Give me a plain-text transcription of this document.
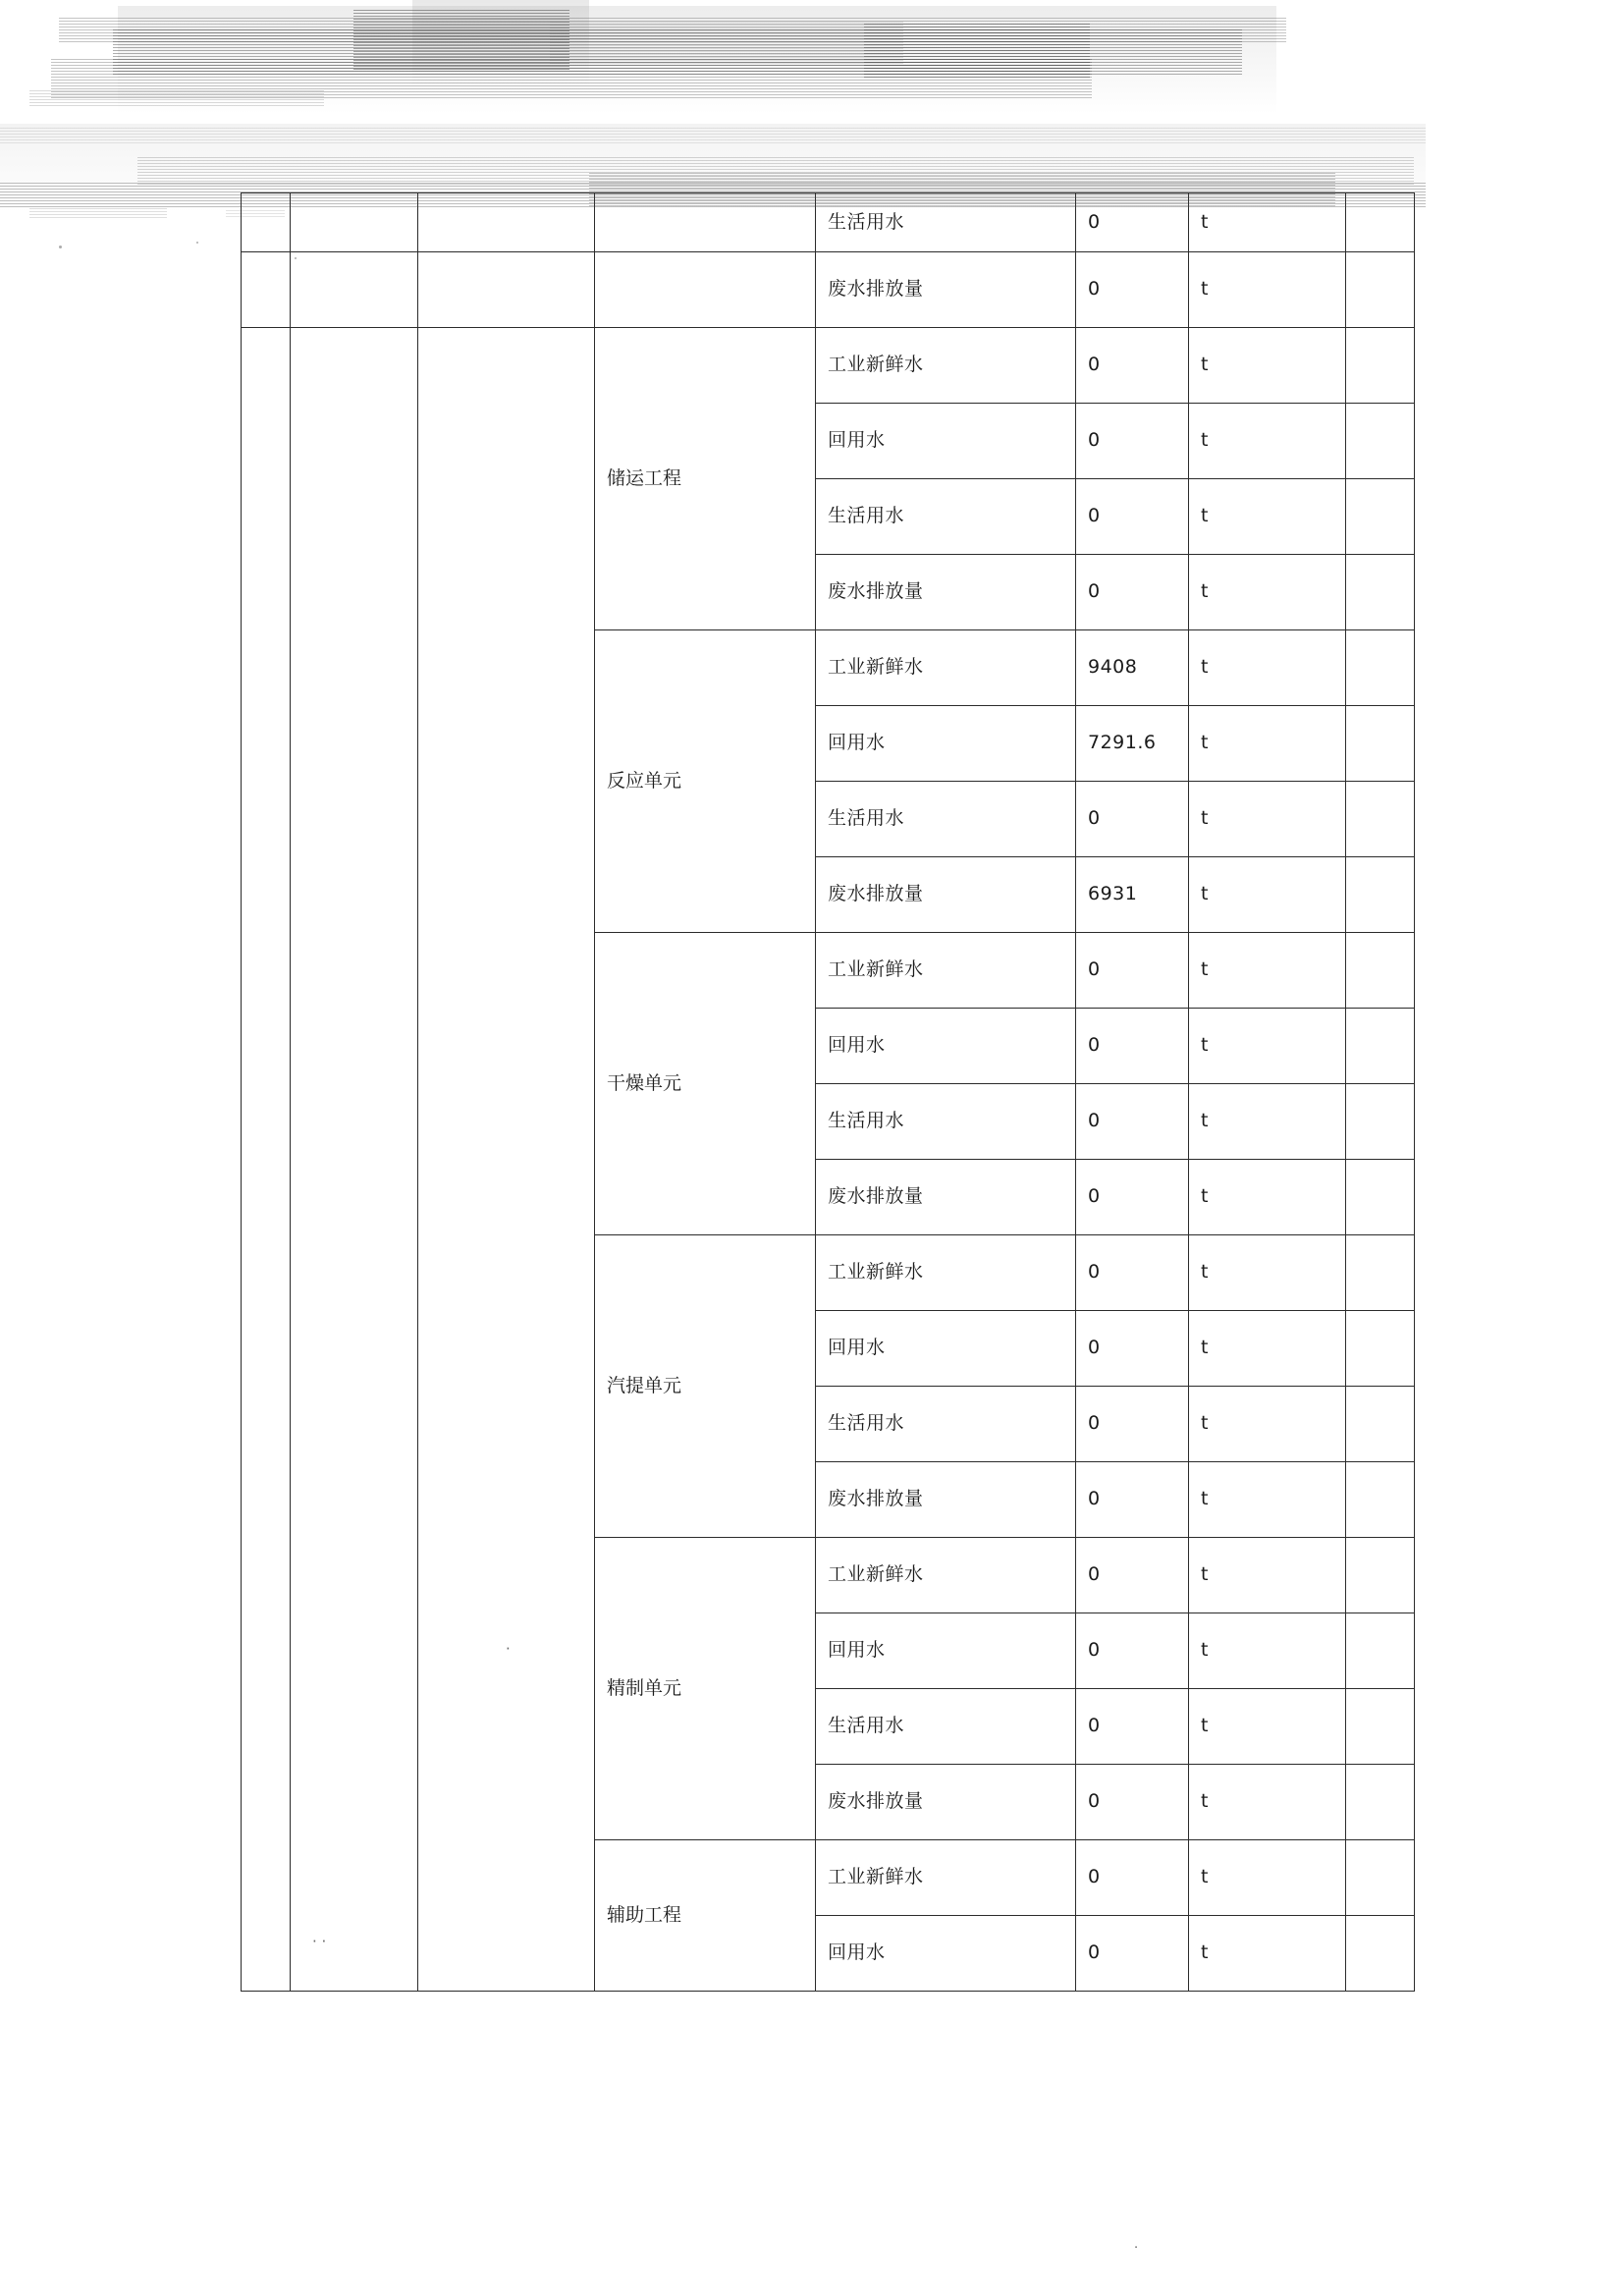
				生活用水	0	t	
				废水排放量	0	t	
			储运工程	工业新鲜水	0	t	
				回用水	0	t	
				生活用水	0	t	
				废水排放量	0	t	
			反应单元	工业新鲜水	9408	t	
				回用水	7291.6	t	
				生活用水	0	t	
				废水排放量	6931	t	
			干燥单元	工业新鲜水	0	t	
				回用水	0	t	
				生活用水	0	t	
				废水排放量	0	t	
			汽提单元	工业新鲜水	0	t	
				回用水	0	t	
				生活用水	0	t	
				废水排放量	0	t	
			精制单元	工业新鲜水	0	t	
				回用水	0	t	
				生活用水	0	t	
				废水排放量	0	t	
			辅助工程	工业新鲜水	0	t	
				回用水	0	t	
·
· ·
·
